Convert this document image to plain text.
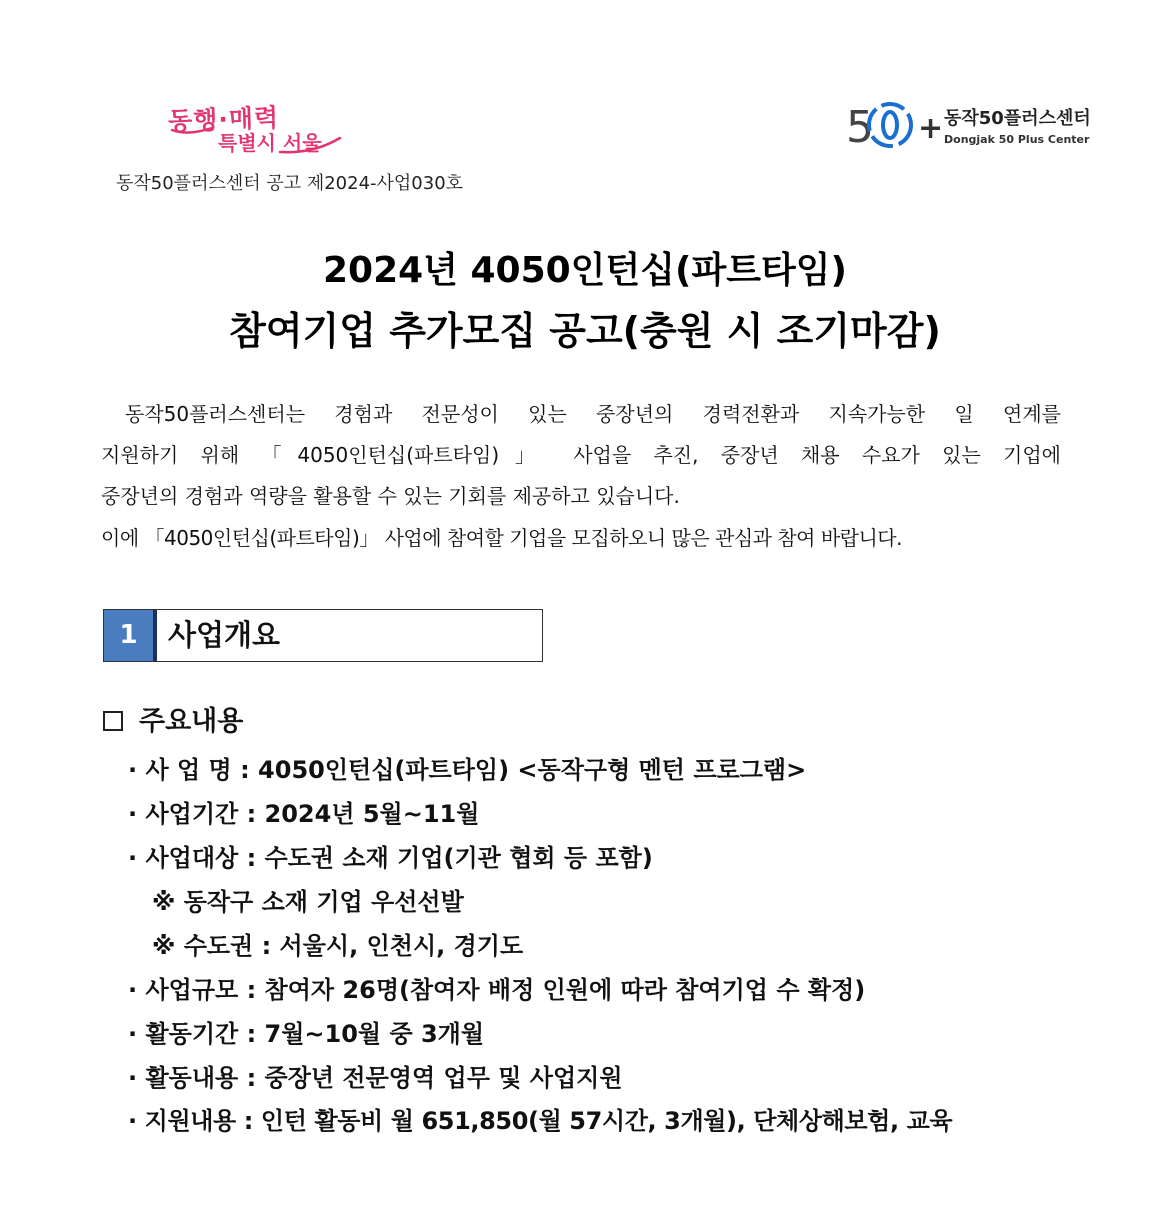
동행·매력
특별시 서울	5 + 동작50플러스센터
Dongjak 50 Plus Center
동작50플러스센터 공고 제2024-사업030호
2024년 4050인턴십(파트타임)
참여기업 추가모집 공고(충원 시 조기마감)
동작50플러스센터는 경험과 전문성이 있는 중장년의 경력전환과 지속가능한 일 연계를
지원하기 위해 「4050인턴십(파트타임)」 사업을 추진, 중장년 채용 수요가 있는 기업에
중장년의 경험과 역량을 활용할 수 있는 기회를 제공하고 있습니다.
이에 「4050인턴십(파트타임)」 사업에 참여할 기업을 모집하오니 많은 관심과 참여 바랍니다.
1	사업개요
주요내용
· 사 업 명 : 4050인턴십(파트타임) <동작구형 멘턴 프로그램>
· 사업기간 : 2024년 5월~11월
· 사업대상 : 수도권 소재 기업(기관 협회 등 포함)
※ 동작구 소재 기업 우선선발
※ 수도권 : 서울시, 인천시, 경기도
· 사업규모 : 참여자 26명(참여자 배정 인원에 따라 참여기업 수 확정)
· 활동기간 : 7월~10월 중 3개월
· 활동내용 : 중장년 전문영역 업무 및 사업지원
· 지원내용 : 인턴 활동비 월 651,850(월 57시간, 3개월), 단체상해보험, 교육
